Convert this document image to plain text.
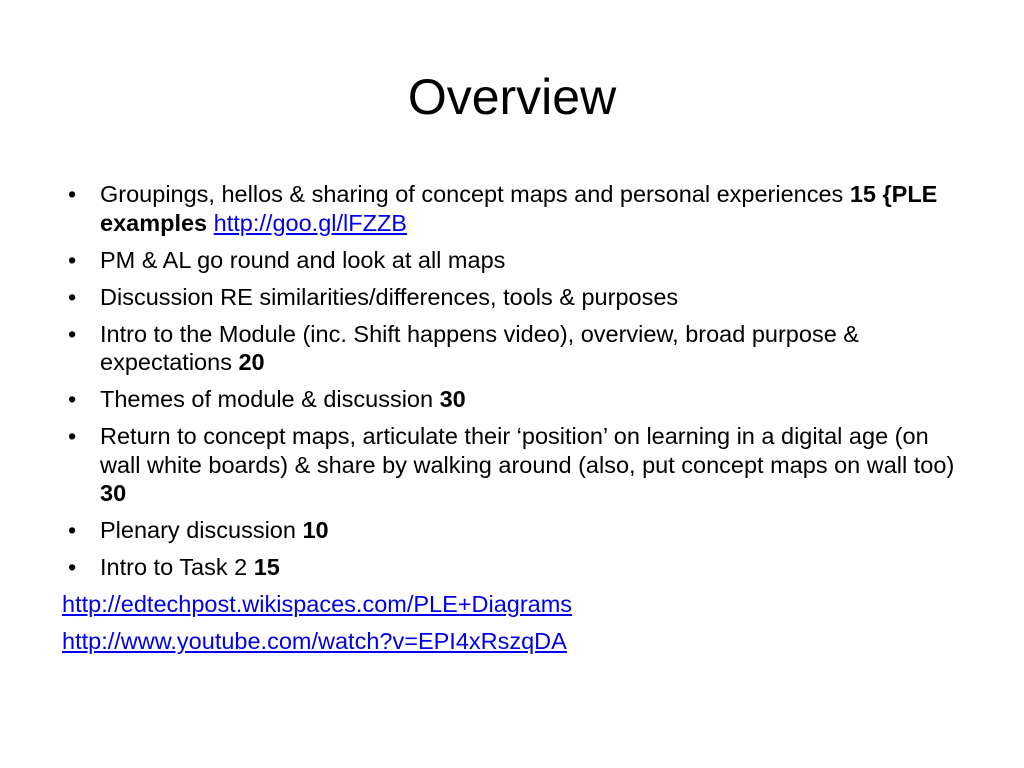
Overview
• Groupings, hellos & sharing of concept maps and personal experiences 15 {PLE examples http://goo.gl/lFZZB
• PM & AL go round and look at all maps
• Discussion RE similarities/differences, tools & purposes
• Intro to the Module (inc. Shift happens video), overview, broad purpose & expectations 20
• Themes of module & discussion 30
• Return to concept maps, articulate their ‘position’ on learning in a digital age (on wall white boards) & share by walking around (also, put concept maps on wall too) 30
• Plenary discussion 10
• Intro to Task 2 15
http://edtechpost.wikispaces.com/PLE+Diagrams
http://www.youtube.com/watch?v=EPI4xRszqDA
